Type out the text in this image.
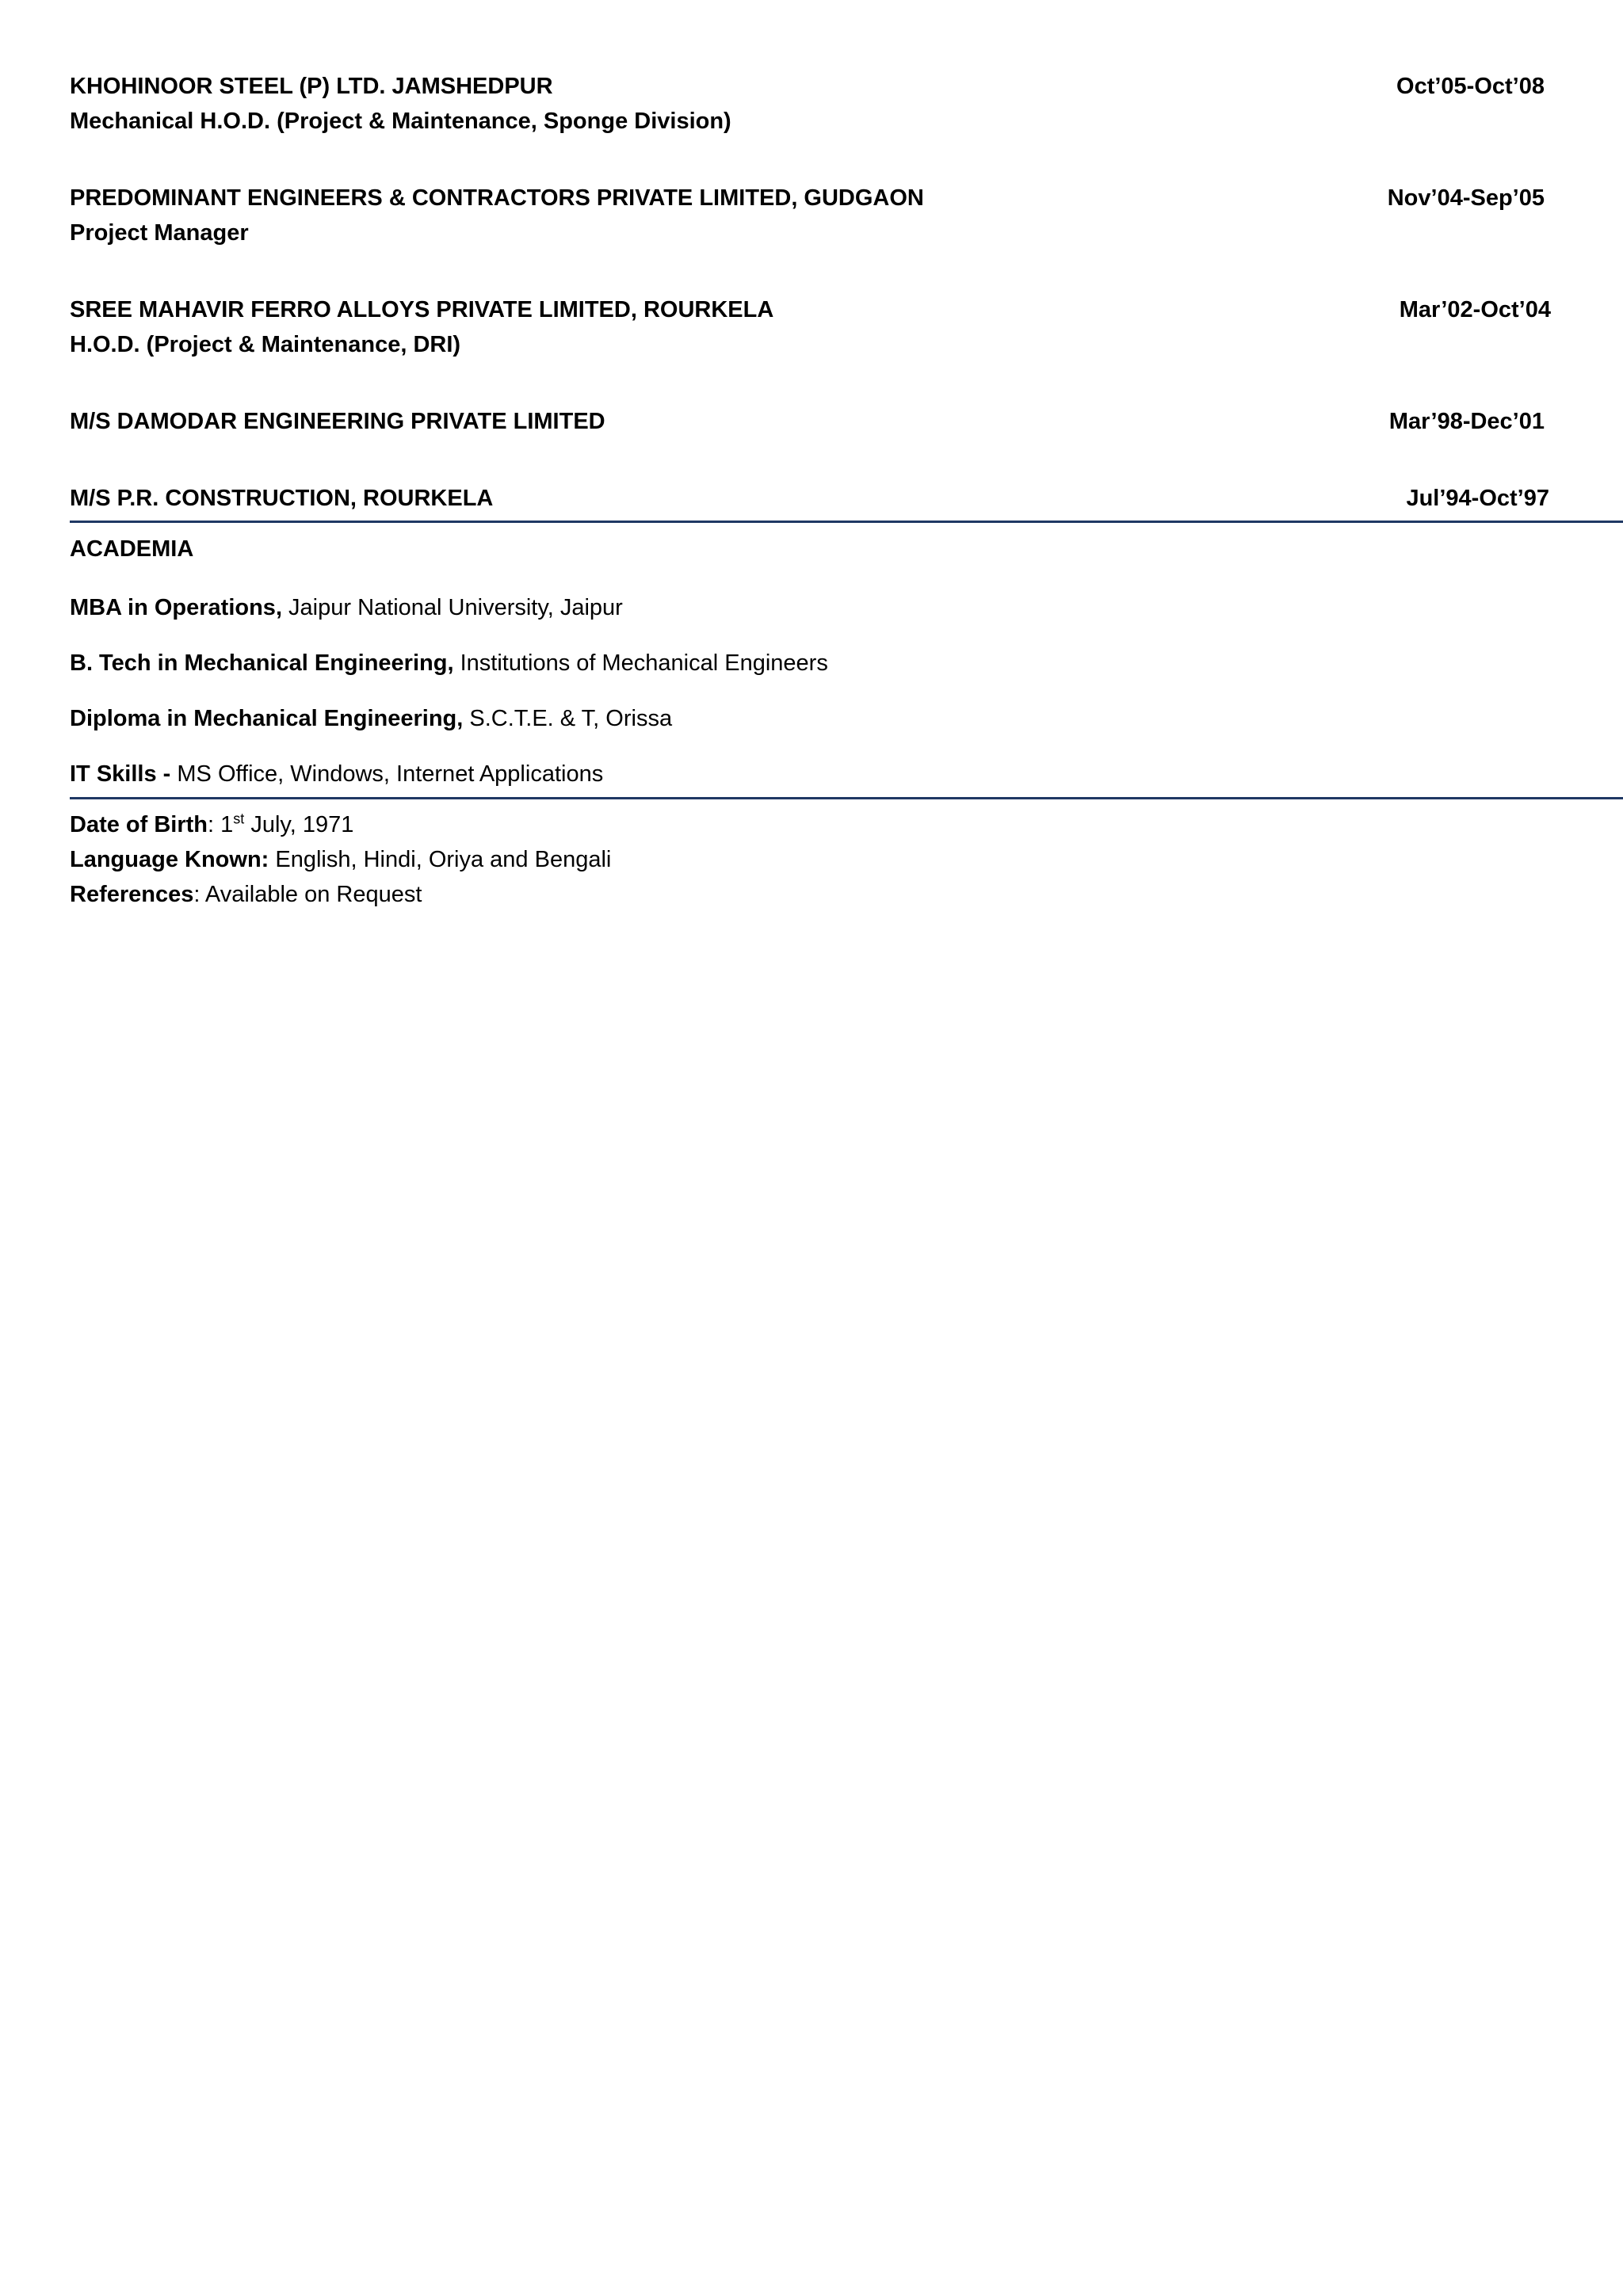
KHOHINOOR STEEL (P) LTD. JAMSHEDPUR	Oct’05-Oct’08
Mechanical H.O.D. (Project & Maintenance, Sponge Division)
PREDOMINANT ENGINEERS & CONTRACTORS PRIVATE LIMITED, GUDGAON	Nov’04-Sep’05
Project Manager
SREE MAHAVIR FERRO ALLOYS PRIVATE LIMITED, ROURKELA	Mar’02-Oct’04
H.O.D. (Project & Maintenance, DRI)
M/S DAMODAR ENGINEERING PRIVATE LIMITED	Mar’98-Dec’01
M/S P.R. CONSTRUCTION, ROURKELA	Jul’94-Oct’97
ACADEMIA
MBA in Operations, Jaipur National University, Jaipur
B. Tech in Mechanical Engineering, Institutions of Mechanical Engineers
Diploma in Mechanical Engineering, S.C.T.E. & T, Orissa
IT Skills - MS Office, Windows, Internet Applications
Date of Birth: 1st July, 1971
Language Known: English, Hindi, Oriya and Bengali
References: Available on Request
